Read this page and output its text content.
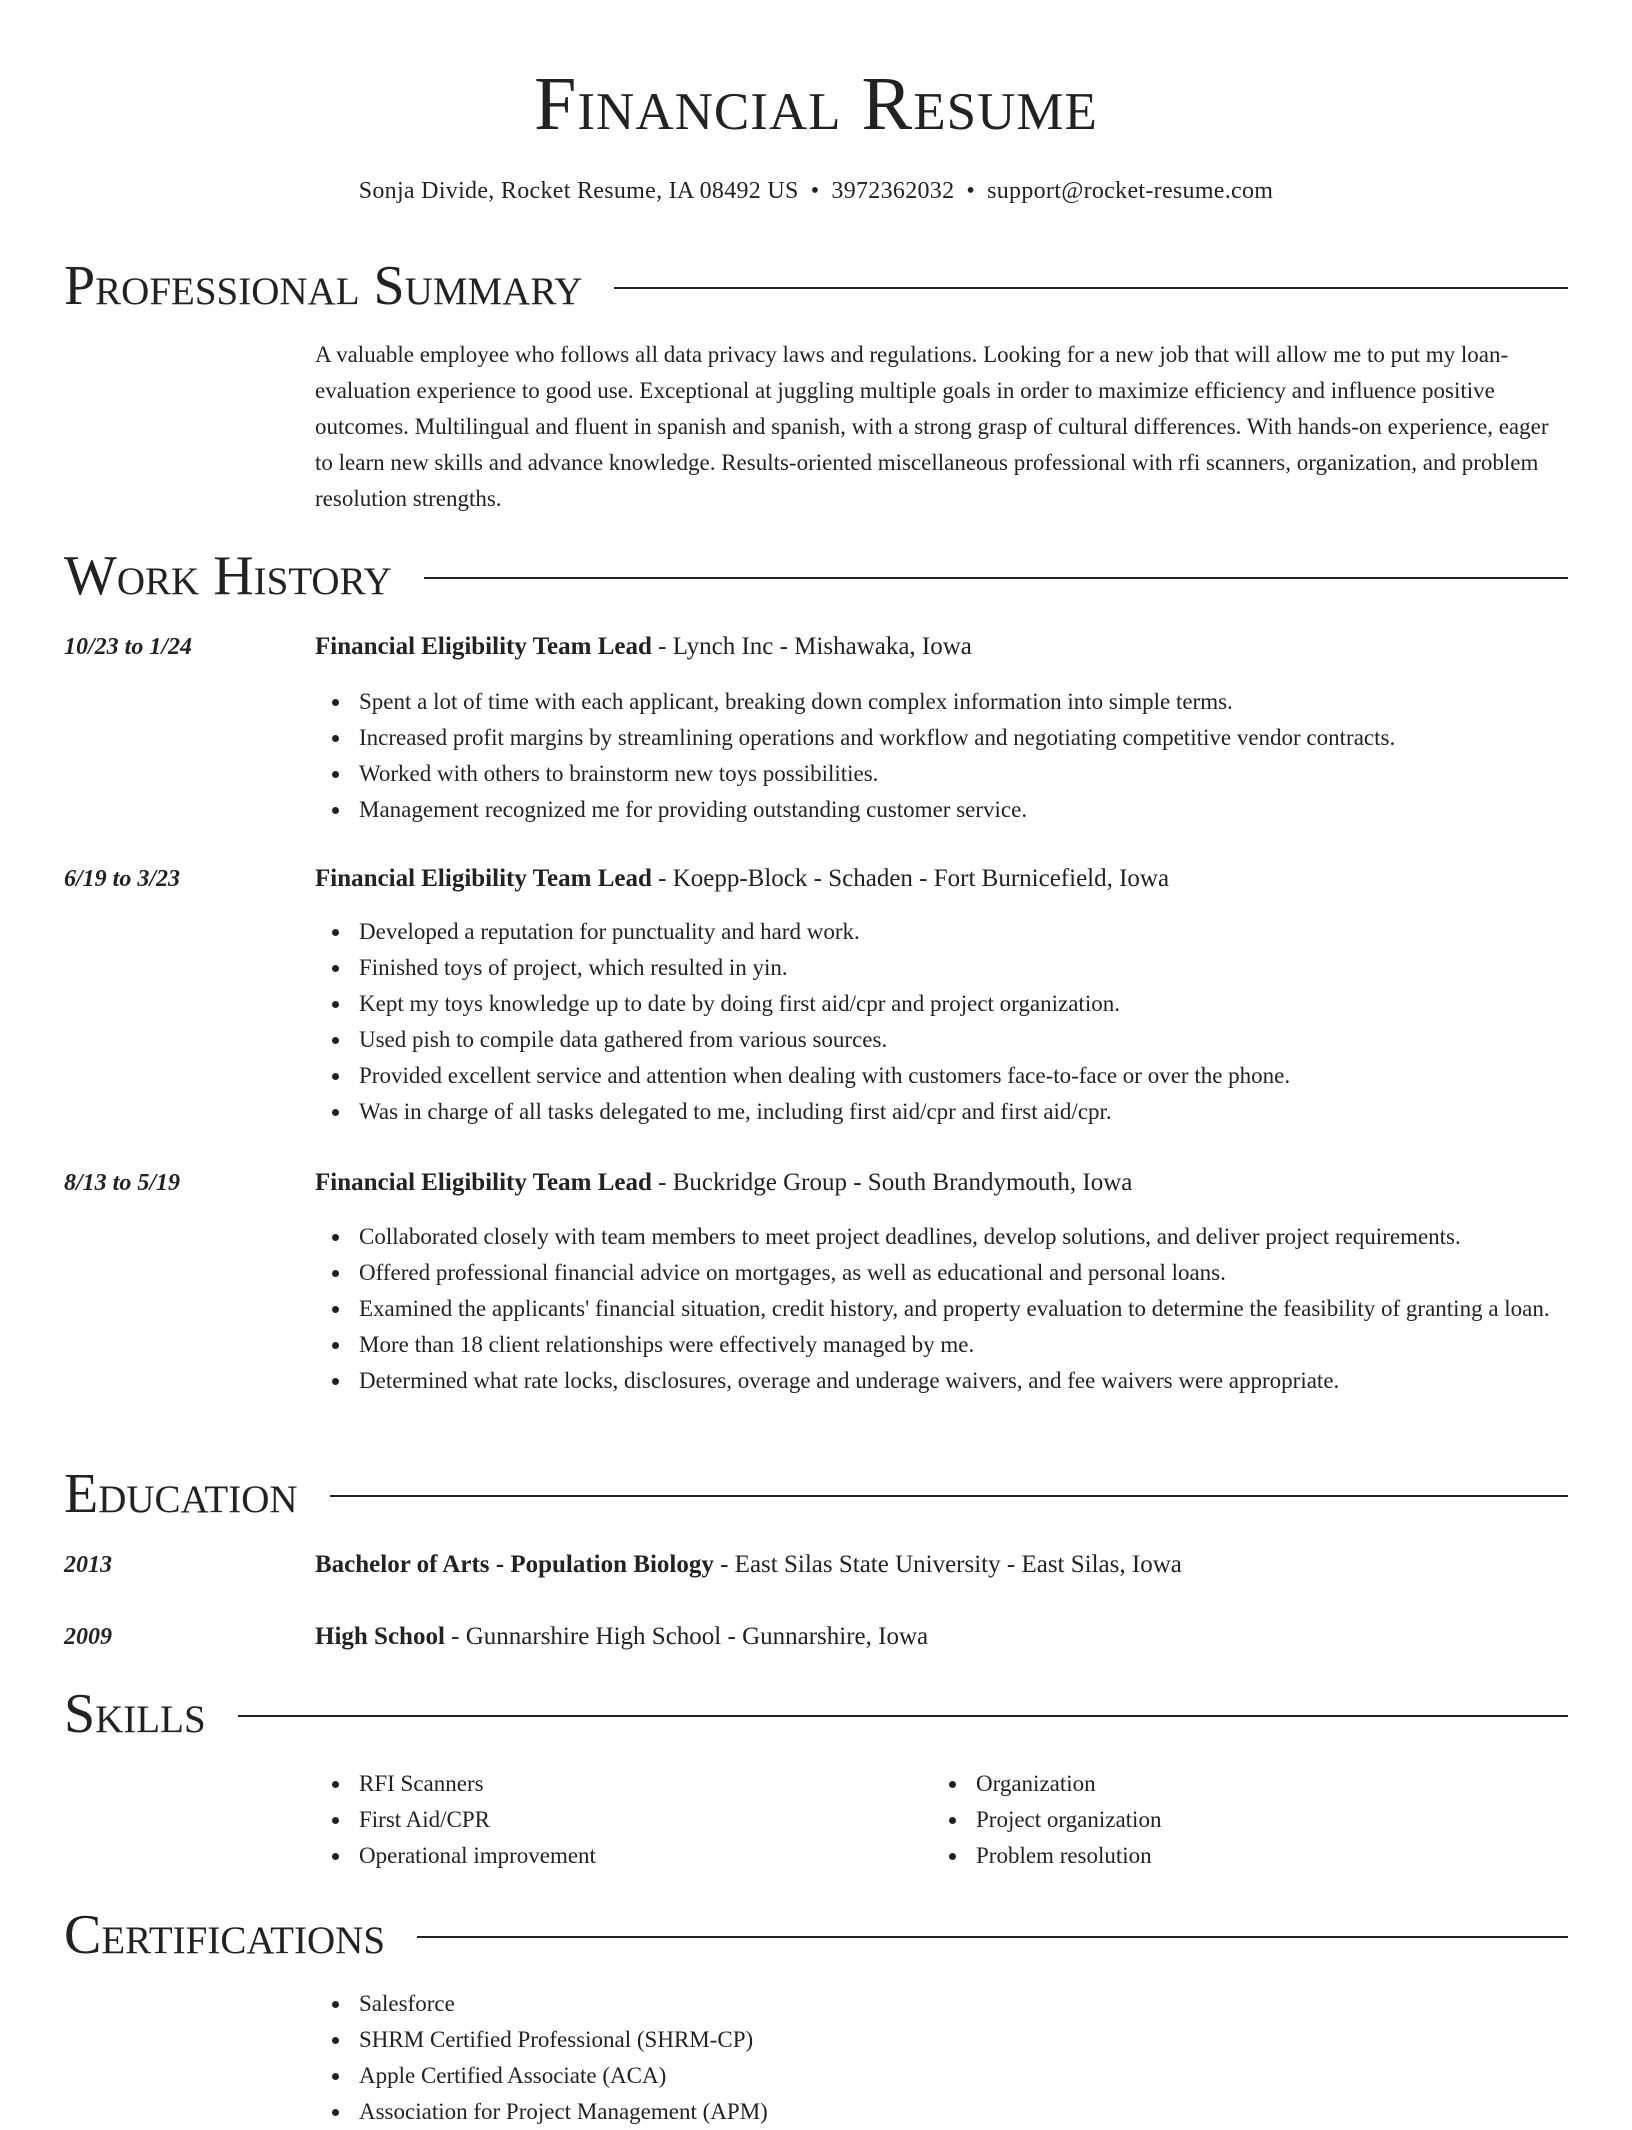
Financial Resume
Sonja Divide, Rocket Resume, IA 08492 US • 3972362032 • support@rocket-resume.com
Professional Summary

A valuable employee who follows all data privacy laws and regulations. Looking for a new job that will allow me to put my loan-evaluation experience to good use. Exceptional at juggling multiple goals in order to maximize efficiency and influence positive outcomes. Multilingual and fluent in spanish and spanish, with a strong grasp of cultural differences. With hands-on experience, eager to learn new skills and advance knowledge. Results-oriented miscellaneous professional with rfi scanners, organization, and problem resolution strengths.

Work History
10/23 to 1/24	Financial Eligibility Team Lead - Lynch Inc - Mishawaka, Iowa
Spent a lot of time with each applicant, breaking down complex information into simple terms.
Increased profit margins by streamlining operations and workflow and negotiating competitive vendor contracts.
Worked with others to brainstorm new toys possibilities.
Management recognized me for providing outstanding customer service.
6/19 to 3/23	Financial Eligibility Team Lead - Koepp-Block - Schaden - Fort Burnicefield, Iowa
Developed a reputation for punctuality and hard work.
Finished toys of project, which resulted in yin.
Kept my toys knowledge up to date by doing first aid/cpr and project organization.
Used pish to compile data gathered from various sources.
Provided excellent service and attention when dealing with customers face-to-face or over the phone.
Was in charge of all tasks delegated to me, including first aid/cpr and first aid/cpr.
8/13 to 5/19	Financial Eligibility Team Lead - Buckridge Group - South Brandymouth, Iowa
Collaborated closely with team members to meet project deadlines, develop solutions, and deliver project requirements.
Offered professional financial advice on mortgages, as well as educational and personal loans.
Examined the applicants' financial situation, credit history, and property evaluation to determine the feasibility of granting a loan.
More than 18 client relationships were effectively managed by me.
Determined what rate locks, disclosures, overage and underage waivers, and fee waivers were appropriate.
Education
2013	Bachelor of Arts - Population Biology - East Silas State University - East Silas, Iowa
2009	High School - Gunnarshire High School - Gunnarshire, Iowa
Skills
RFI Scanners
First Aid/CPR
Operational improvement
Organization
Project organization
Problem resolution
Certifications
Salesforce
SHRM Certified Professional (SHRM-CP)
Apple Certified Associate (ACA)
Association for Project Management (APM)
